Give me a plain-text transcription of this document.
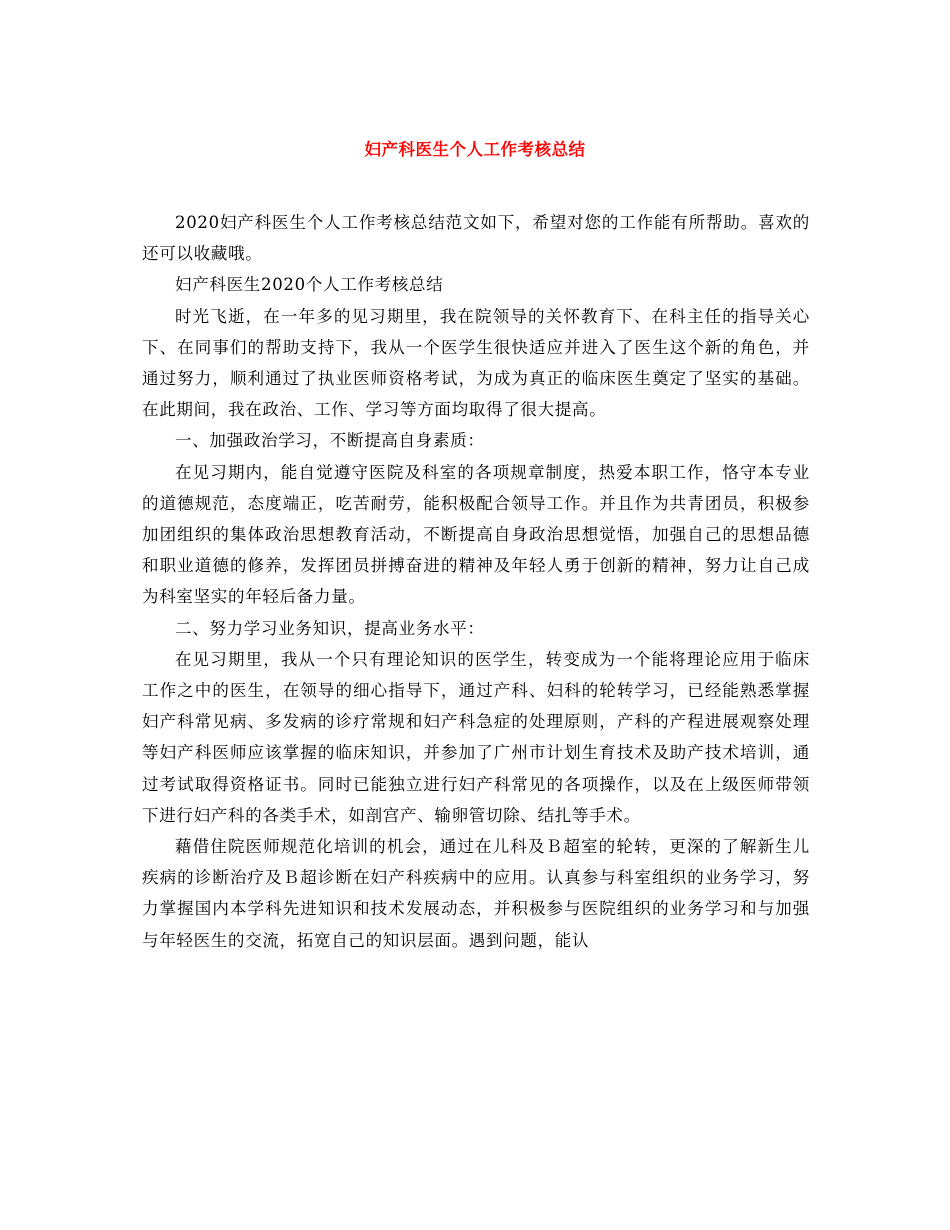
妇产科医生个人工作考核总结

2020妇产科医生个人工作考核总结范文如下，希望对您的工作能有所帮助。喜欢的还可以收藏哦。

妇产科医生2020个人工作考核总结

时光飞逝，在一年多的见习期里，我在院领导的关怀教育下、在科主任的指导关心下、在同事们的帮助支持下，我从一个医学生很快适应并进入了医生这个新的角色，并通过努力，顺利通过了执业医师资格考试，为成为真正的临床医生奠定了坚实的基础。在此期间，我在政治、工作、学习等方面均取得了很大提高。

一、加强政治学习，不断提高自身素质：

在见习期内，能自觉遵守医院及科室的各项规章制度，热爱本职工作，恪守本专业的道德规范，态度端正，吃苦耐劳，能积极配合领导工作。并且作为共青团员，积极参加团组织的集体政治思想教育活动，不断提高自身政治思想觉悟，加强自己的思想品德和职业道德的修养，发挥团员拼搏奋进的精神及年轻人勇于创新的精神，努力让自己成为科室坚实的年轻后备力量。

二、努力学习业务知识，提高业务水平：

在见习期里，我从一个只有理论知识的医学生，转变成为一个能将理论应用于临床工作之中的医生，在领导的细心指导下，通过产科、妇科的轮转学习，已经能熟悉掌握妇产科常见病、多发病的诊疗常规和妇产科急症的处理原则，产科的产程进展观察处理等妇产科医师应该掌握的临床知识，并参加了广州市计划生育技术及助产技术培训，通过考试取得资格证书。同时已能独立进行妇产科常见的各项操作，以及在上级医师带领下进行妇产科的各类手术，如剖宫产、输卵管切除、结扎等手术。

藉借住院医师规范化培训的机会，通过在儿科及Ｂ超室的轮转，更深的了解新生儿疾病的诊断治疗及Ｂ超诊断在妇产科疾病中的应用。认真参与科室组织的业务学习，努力掌握国内本学科先进知识和技术发展动态，并积极参与医院组织的业务学习和与加强与年轻医生的交流，拓宽自己的知识层面。遇到问题，能认
